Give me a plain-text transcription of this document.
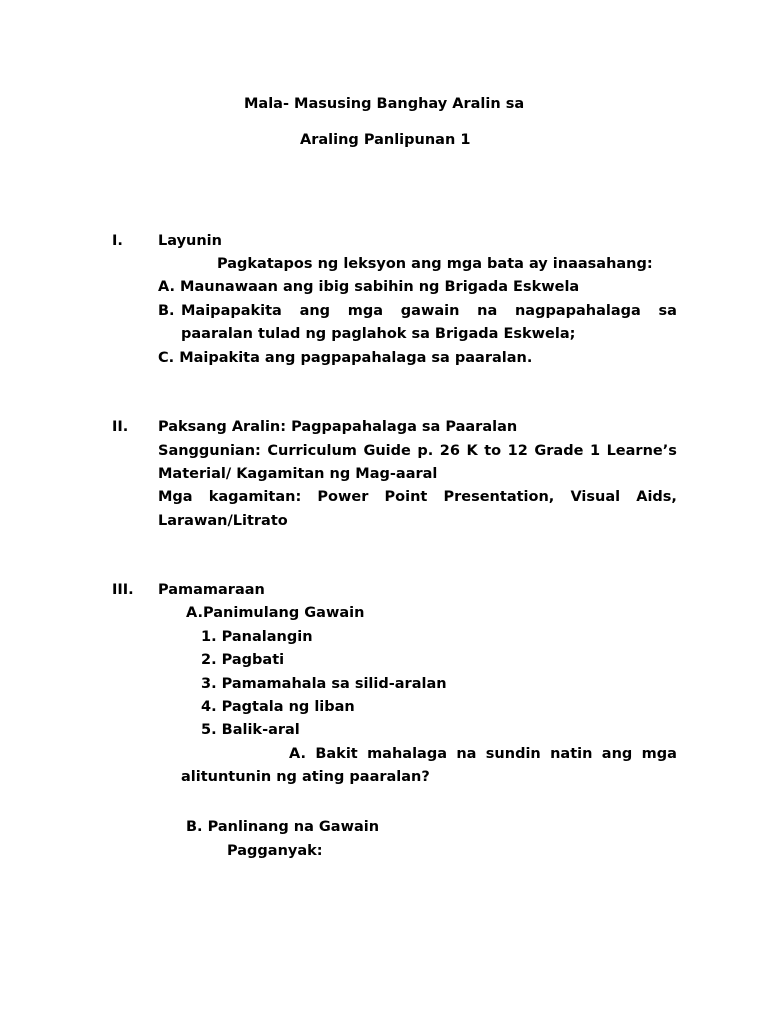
Mala- Masusing Banghay Aralin sa
Araling Panlipunan 1
I. Layunin
Pagkatapos ng leksyon ang mga bata ay inaasahang:
A. Maunawaan ang ibig sabihin ng Brigada Eskwela
B. Maipapakita ang mga gawain na nagpapahalaga sa
paaralan tulad ng paglahok sa Brigada Eskwela;
C. Maipakita ang pagpapahalaga sa paaralan.
II. Paksang Aralin: Pagpapahalaga sa Paaralan
Sanggunian: Curriculum Guide p. 26 K to 12 Grade 1 Learne’s
Material/ Kagamitan ng Mag-aaral
Mga kagamitan: Power Point Presentation, Visual Aids,
Larawan/Litrato
III. Pamamaraan
A.Panimulang Gawain
1. Panalangin
2. Pagbati
3. Pamamahala sa silid-aralan
4. Pagtala ng liban
5. Balik-aral
A. Bakit mahalaga na sundin natin ang mga
alituntunin ng ating paaralan?
B. Panlinang na Gawain
Pagganyak:
